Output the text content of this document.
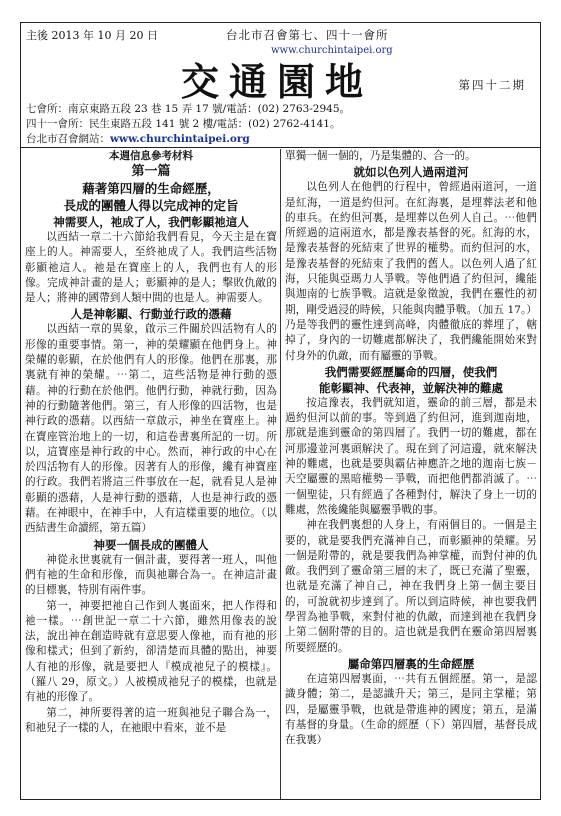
主後 2013 年 10 月 20 日	台北市召會第七、四十一會所
www.churchintaipei.org
交通園地	第四十二期
七會所：南京東路五段 23 巷 15 弄 17 號/電話：(02) 2763-2945。
四十一會所：民生東路五段 141 號 2 樓/電話：(02) 2762-4141。
台北市召會網站：www.churchintaipei.org
本週信息參考材料
第一篇
藉著第四層的生命經歷，
長成的團體人得以完成神的定旨
神需要人，祂成了人，我們彰顯祂這人

以西結一章二十六節給我們看見，今天主是在寶座上的人。神需要人，至終祂成了人。我們這些活物彰顯祂這人。祂是在寶座上的人，我們也有人的形像。完成神計畫的是人；彰顯神的是人；擊敗仇敵的是人；將神的國帶到人類中間的也是人。神需要人。

人是神彰顯、行動並行政的憑藉

以西結一章的異象，啟示三件關於四活物有人的形像的重要事情。第一，神的榮耀顯在他們身上。神榮耀的彰顯，在於他們有人的形像。他們在那裏，那裏就有神的榮耀。⋯第二，這些活物是神行動的憑藉。神的行動在於他們。他們行動，神就行動，因為神的行動隨著他們。第三，有人形像的四活物，也是神行政的憑藉。以西結一章啟示，神坐在寶座上。神在寶座管治地上的一切，和這卷書裏所記的一切。所以，這寶座是神行政的中心。然而，神行政的中心在於四活物有人的形像。因著有人的形像，纔有神寶座的行政。我們若將這三件事放在一起，就看見人是神彰顯的憑藉，人是神行動的憑藉，人也是神行政的憑藉。在神眼中，在神手中，人有這樣重要的地位。（以西結書生命讀經，第五篇）

神要一個長成的團體人

神從永世裏就有一個計畫，要得著一班人，叫他們有祂的生命和形像，而與祂聯合為一。在神這計畫的目標裏，特別有兩件事。

第一，神要把祂自己作到人裏面來，把人作得和祂一樣。⋯創世記一章二十六節，雖然用像表的說法，說出神在創造時就有意思要人像祂，而有祂的形像和樣式；但到了新約，卻清楚而具體的點出，神要人有祂的形像，就是要把人『模成祂兒子的模樣』。（羅八 29，原文。）人被模成祂兒子的模樣，也就是有祂的形像了。

第二，神所要得著的這一班與祂兒子聯合為一，和祂兒子一樣的人，在祂眼中看來，並不是

單獨一個一個的，乃是集體的、合一的。

就如以色列人過兩道河

以色列人在他們的行程中，曾經過兩道河，一道是紅海，一道是約但河。在紅海裏，是埋葬法老和他的車兵。在約但河裏，是埋葬以色列人自己。⋯他們所經過的這兩道水，都是豫表基督的死。紅海的水，是豫表基督的死結束了世界的權勢。而約但河的水，是豫表基督的死結束了我們的舊人。以色列人過了紅海，只能與亞瑪力人爭戰。等他們過了約但河，纔能與迦南的七族爭戰。這就是象徵說，我們在靈性的初期，剛受過浸的時候，只能與肉體爭戰。（加五 17。）乃是等我們的靈性達到高峰，肉體徹底的葬埋了，轄掉了，身內的一切難處都解決了，我們纔能開始來對付身外的仇敵，而有屬靈的爭戰。

我們需要經歷屬命的四層，使我們
能彰顯神、代表神，並解決神的難處

按這豫表，我們就知道，靈命的前三層，都是未過約但河以前的事。等到過了約但河，進到迦南地，那就是進到靈命的第四層了。我們一切的難處，都在河那邊並河裏頭解決了。現在到了河這邊，就來解決神的難處，也就是要與霸佔神應許之地的迦南七族－天空屬靈的黑暗權勢－爭戰，而把他們都消滅了。⋯一個聖徒，只有經過了各種對付，解決了身上一切的難處，然後纔能與屬靈爭戰的事。

神在我們裏想的人身上，有兩個目的。一個是主要的，就是要我們充滿神自己，而彰顯神的榮耀。另一個是附帶的，就是要我們為神掌權，而對付神的仇敵。我們到了靈命第三層的末了，既已充滿了聖靈，也就是充滿了神自己，神在我們身上第一個主要目的，可說就初步達到了。所以到這時候，神也要我們學習為祂爭戰，來對付祂的仇敵，而達到祂在我們身上第二個附帶的目的。這也就是我們在靈命第四層裏所要經歷的。

屬命第四層裏的生命經歷

在這第四層裏面，⋯共有五個經歷。第一，是認識身體；第二，是認識升天；第三，是同主掌權；第四，是屬靈爭戰，也就是帶進神的國度；第五，是滿有基督的身量。（生命的經歷（下）第四層，基督長成在我裏）
